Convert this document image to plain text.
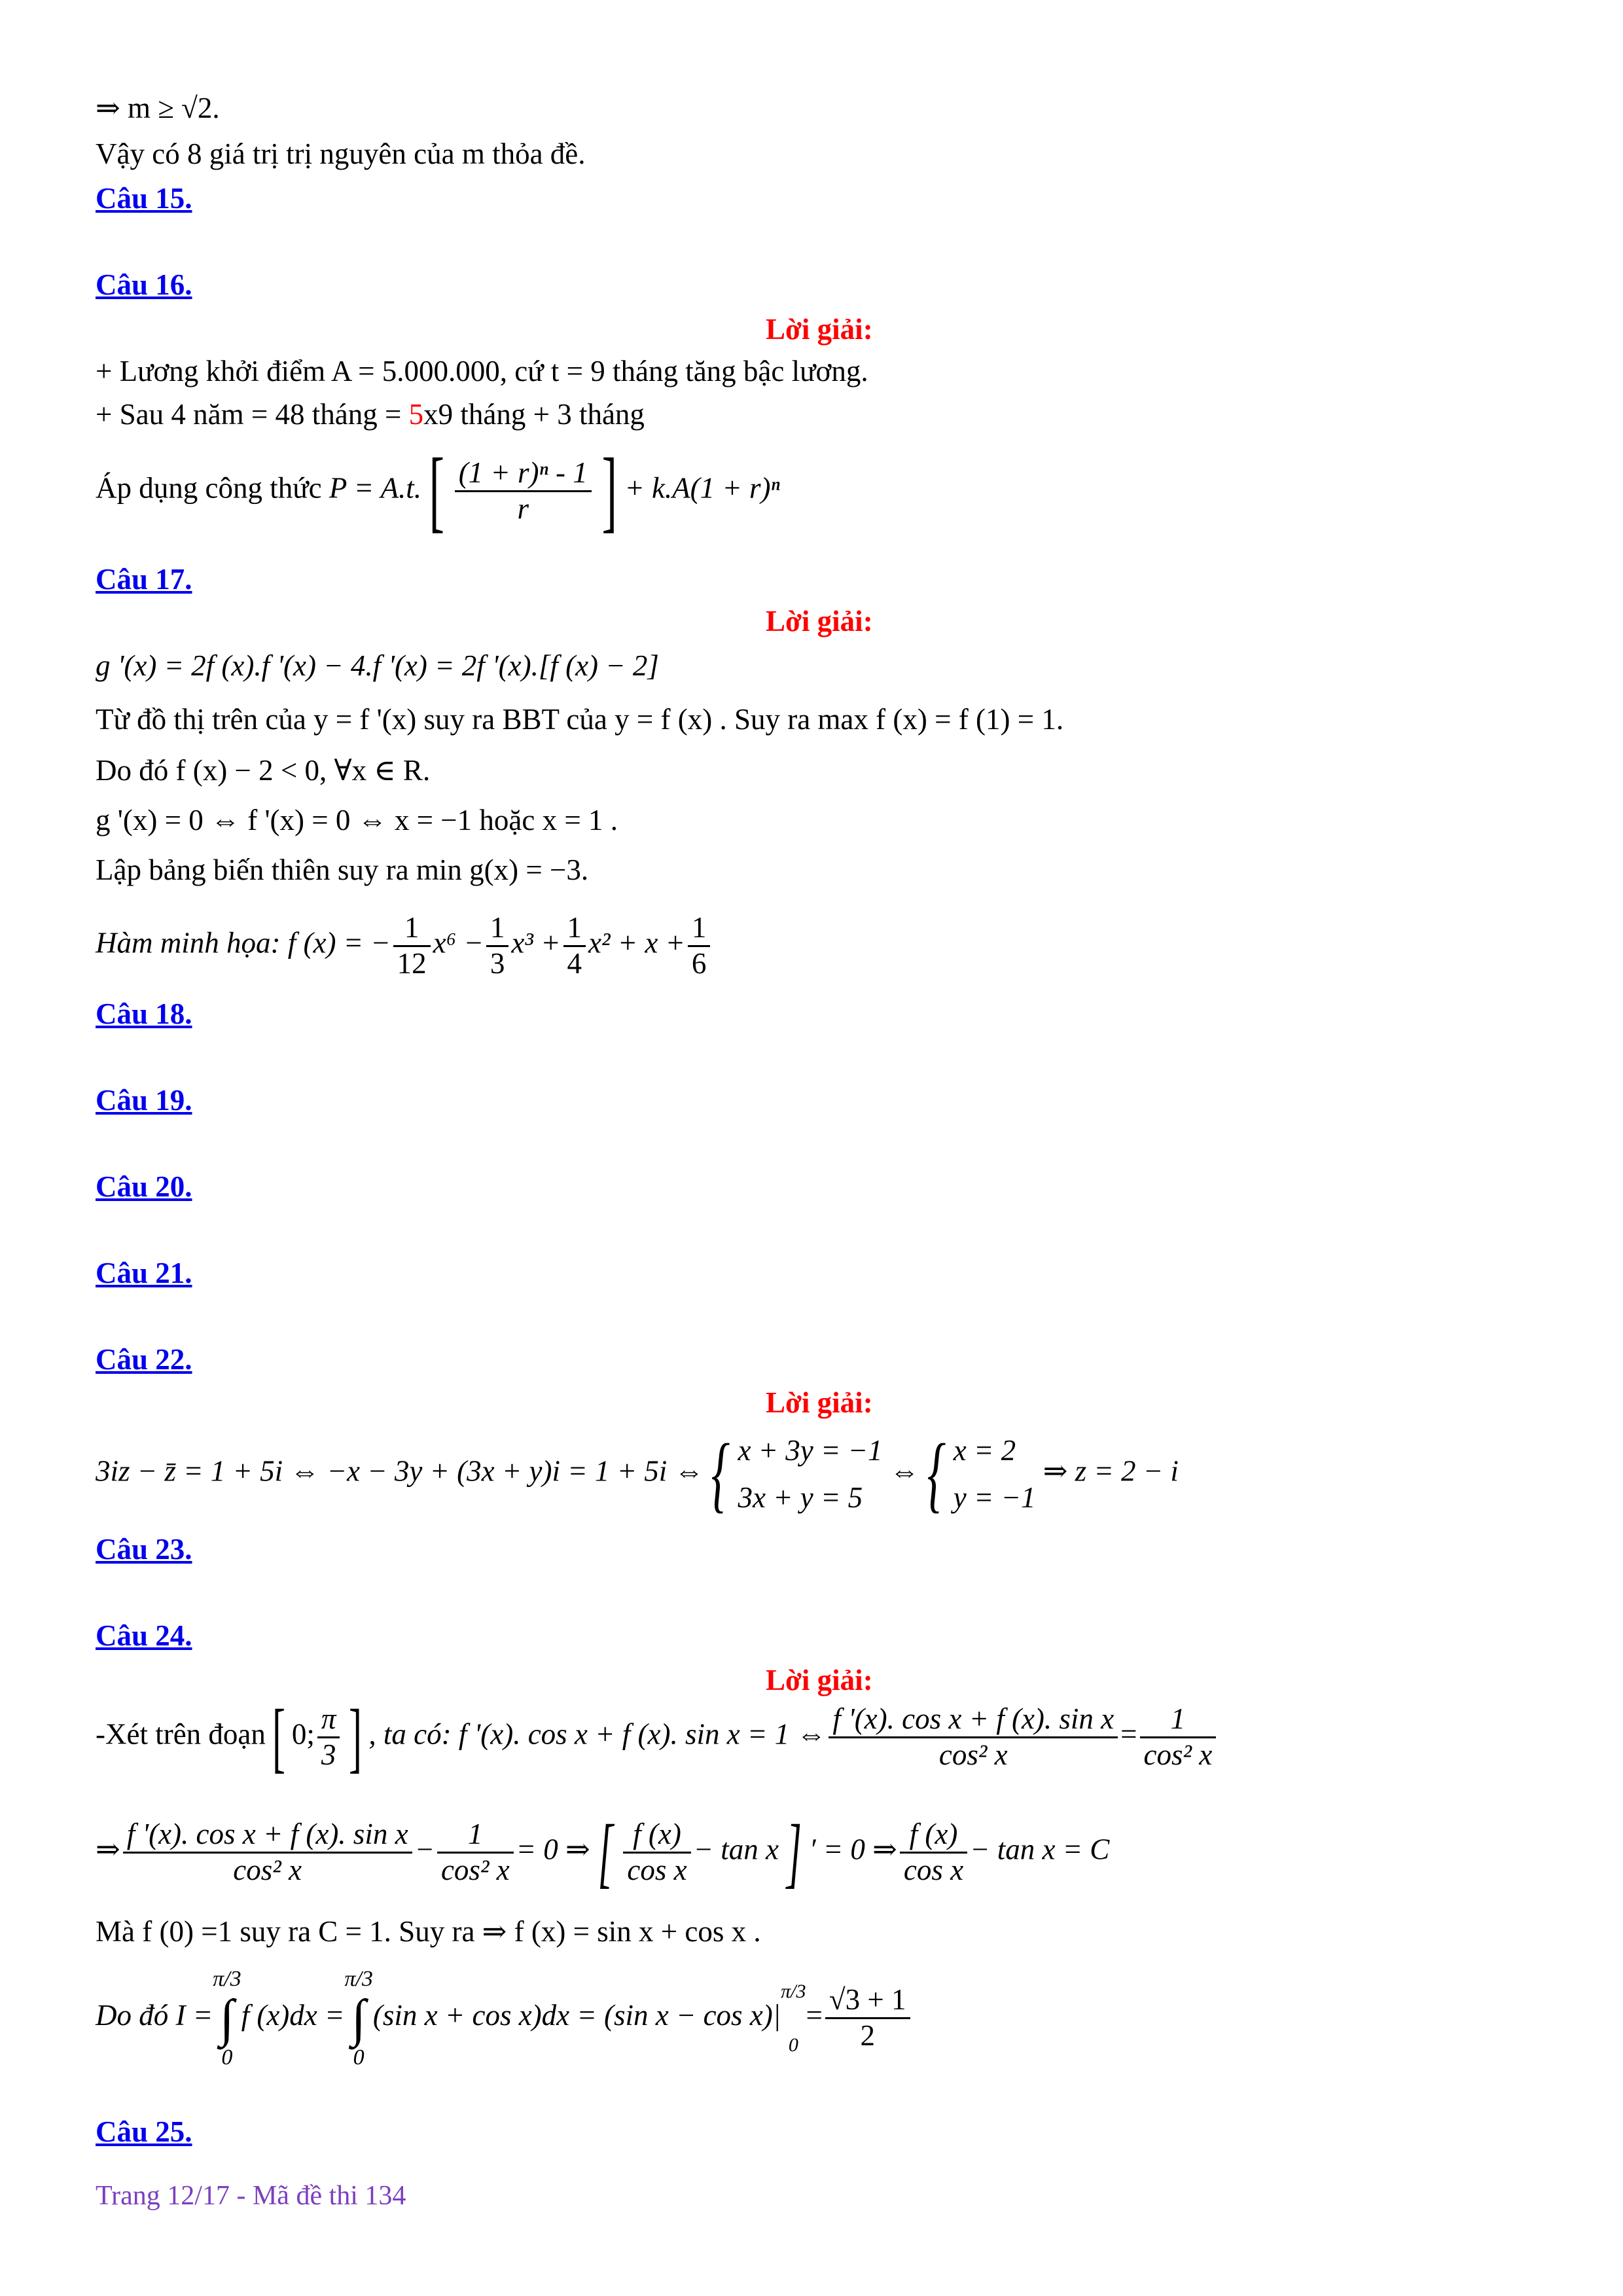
⇒ m ≥ √2.
Vậy có 8 giá trị trị nguyên của m thỏa đề.
Câu 15.
Câu 16.
Lời giải:
+ Lương khởi điểm A = 5.000.000, cứ t = 9 tháng tăng bậc lương.
+ Sau 4 năm = 48 tháng = 5x9 tháng + 3 tháng
Áp dụng công thức $P = A.t.[ \frac{\text{(1 + r)ⁿ - 1}}{r}$ ] + k.A(1 + r)ⁿ
Câu 17.
Lời giải:
g '(x) = 2f (x).f '(x) − 4.f '(x) = 2f '(x).[f (x) − 2]
Từ đồ thị trên của y = f '(x) suy ra BBT của y = f (x) . Suy ra max f (x) = f (1) = 1.
Do đó f (x) − 2 < 0, ∀x ∈ R.
g '(x) = 0 ⇔ f '(x) = 0 ⇔ x = −1 hoặc x = 1 .
Lập bảng biến thiên suy ra min g(x) = −3.
Hàm minh họa: f (x) = − $\frac{1}{12} x^6 - \frac{1}{3} x^3 + \frac{1}{4} x^2 + x + \frac{1}{6}$
Câu 18.
Câu 19.
Câu 20.
Câu 21.
Câu 22.
Lời giải:
3iz − z̄ = 1 + 5i ⇔ −x − 3y + (3x + y)i = 1 + 5i ⇔{ x + 3y = −1
3x + y = 5
⇔{ x = 2
y = −1
⇒ z = 2 − i
Câu 23.
Câu 24.
Lời giải:
-Xét trên đoạn[ 0; $\frac{\pi}{3}$ ] , ta có: f '(x). cos x + f (x). sin x = 1 ⇔ $\frac{\text{f '(x). cos x + f (x). sin x}}{\text{cos² x}} = \frac{1}{\text{cos² x}}$
⇒ $\frac{\text{f '(x). cos x + f (x). sin x}}{\text{cos² x}} - \frac{1}{\text{cos² x}} = 0$ ⇒[ $\frac{f (x)}{\text{cos x}} - \tan x$] ′ = 0 ⇒ $\frac{f (x)}{\text{cos x}} - \tan x = C$
Mà f (0) =1 suy ra C = 1. Suy ra ⇒ f (x) = sin x + cos x .
Do đó I =π/3
∫
0f (x)dx =π/3
∫
0(sin x + cos x)dx = (sin x − cos x)|π/3
$0= \frac{√3 + 1}{2}$
Câu 25.
Trang 12/17 - Mã đề thi 134
